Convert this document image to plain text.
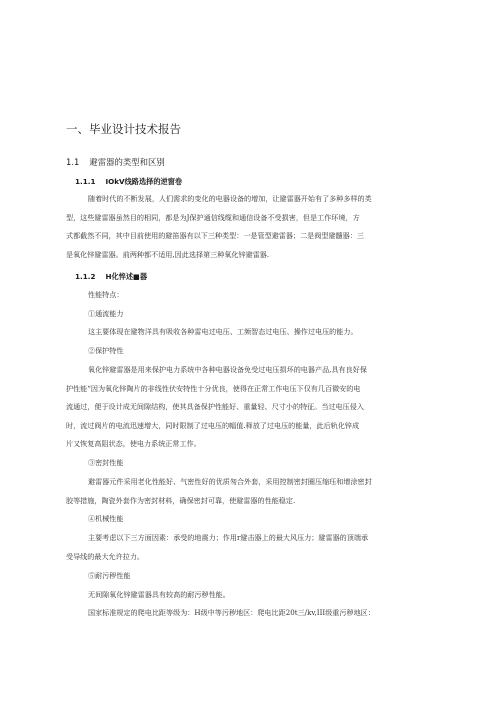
一、毕业设计技术报告
1.1 避雷器的类型和区别
1.1.1 IOkV线路选择的逆窗卷
随着时代的不断发展，人们需求的变化的电器设备的增加，让避雷器开始有了多种多样的类
型，这些避雷器虽然目的相同，都是为J保护通信线缆和通信设备不受损害，但是工作环境，方
式都截然不同，其中目前使用的避笛器有以下三种类型：一是管型避雷器；二是阀型避髓器：三
是氧化锌避雷器。前两种都不适用,因此选择第三种氧化锌避雷器.
1.1.2 H化悴述■器
性能特点：
①通流能力
这主要体现在避物洋具有吸收各种雷电过电压、工频智态过电压、操作过电压的能力。
②保护特性
氧化锌避雷器是用来保护电力系统中各种电器设备免受过电压损坏的电器产品,具有良好保
护性能“因为氧化锌陶片的非线性伏安特性十分优良，使得在正常工作电压下仅有几百微安的电
流通过，便于设计成无间隙结构，使其具备保护性能好、重量轻、尺寸小的特征。当过电压侵入
时，流过阀片的电流迅速增大，同时限制了过电压的幅值.释放了过电压的能量，此后轨化锌成
片又恢复高阻状态，使电力系统正常工作。
③密封性能
避雷器元件采用老化性能好、气密性好的优质匆合外套，采用控制密封圈压缩珏和增涂密封
胶等措施，陶瓷外套作为密封材料，确保密封可靠，使避雷器的性能稳定.
④机械性能
主要考虑以下三方面因素：承受的地震力；作用r避击器上的最大风压力；避雷器的顶端承
受导线的最大允许拉力。
⑤耐污秽性能
无间隙氧化锌避雷器具有较高的耐污秽性能。
国家标准规定的爬电比距等级为：H级中等污秽地区：爬电比距20t三/kv,III级重污秽地区：
